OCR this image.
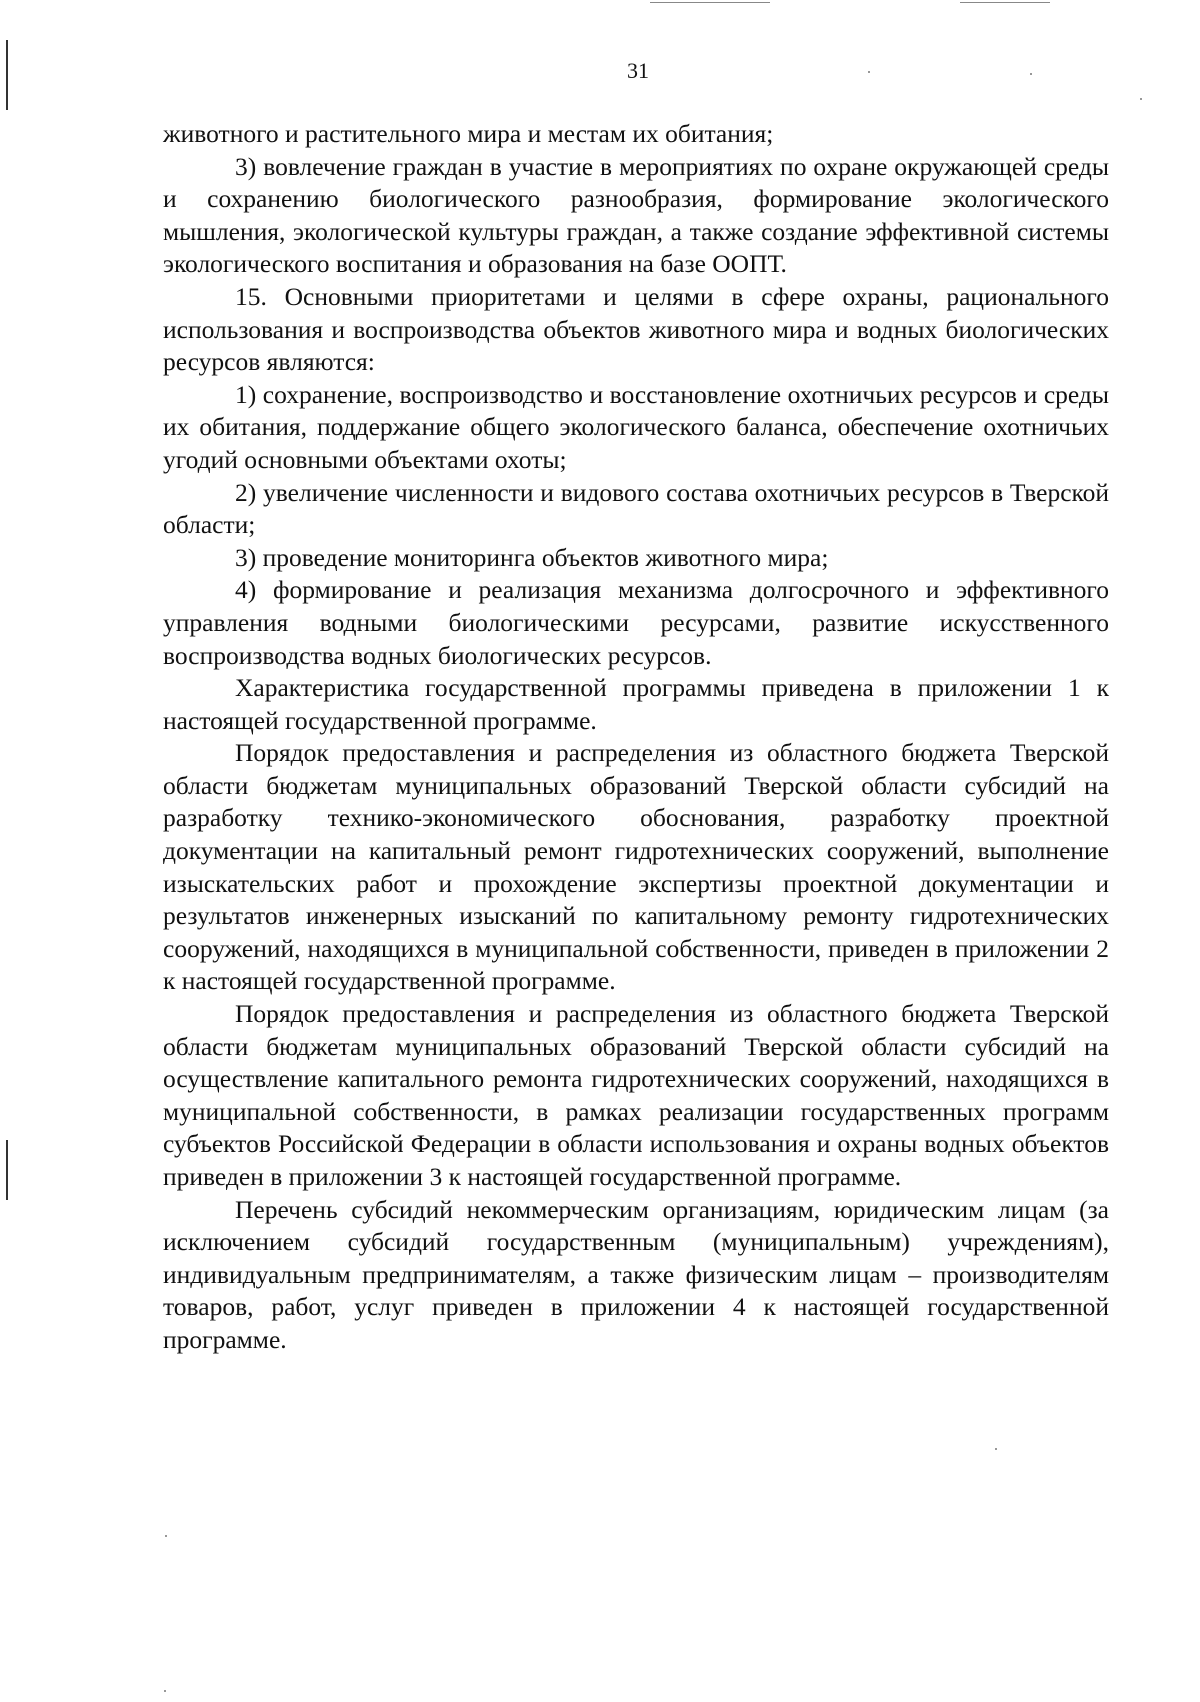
31

животного и растительного мира и местам их обитания;

3) вовлечение граждан в участие в мероприятиях по охране окружающей среды и сохранению биологического разнообразия, формирование экологического мышления, экологической культуры граждан, а также создание эффективной системы экологического воспитания и образования на базе ООПТ.

15. Основными приоритетами и целями в сфере охраны, рационального использования и воспроизводства объектов животного мира и водных биологических ресурсов являются:

1) сохранение, воспроизводство и восстановление охотничьих ресурсов и среды их обитания, поддержание общего экологического баланса, обеспечение охотничьих угодий основными объектами охоты;

2) увеличение численности и видового состава охотничьих ресурсов в Тверской области;

3) проведение мониторинга объектов животного мира;

4) формирование и реализация механизма долгосрочного и эффективного управления водными биологическими ресурсами, развитие искусственного воспроизводства водных биологических ресурсов.

Характеристика государственной программы приведена в приложении 1 к настоящей государственной программе.

Порядок предоставления и распределения из областного бюджета Тверской области бюджетам муниципальных образований Тверской области субсидий на разработку технико-экономического обоснования, разработку проектной документации на капитальный ремонт гидротехнических сооружений, выполнение изыскательских работ и прохождение экспертизы проектной документации и результатов инженерных изысканий по капитальному ремонту гидротехнических сооружений, находящихся в муниципальной собственности, приведен в приложении 2 к настоящей государственной программе.

Порядок предоставления и распределения из областного бюджета Тверской области бюджетам муниципальных образований Тверской области субсидий на осуществление капитального ремонта гидротехнических сооружений, находящихся в муниципальной собственности, в рамках реализации государственных программ субъектов Российской Федерации в области использования и охраны водных объектов приведен в приложении 3 к настоящей государственной программе.

Перечень субсидий некоммерческим организациям, юридическим лицам (за исключением субсидий государственным (муниципальным) учреждениям), индивидуальным предпринимателям, а также физическим лицам – производителям товаров, работ, услуг приведен в приложении 4 к настоящей государственной программе.
